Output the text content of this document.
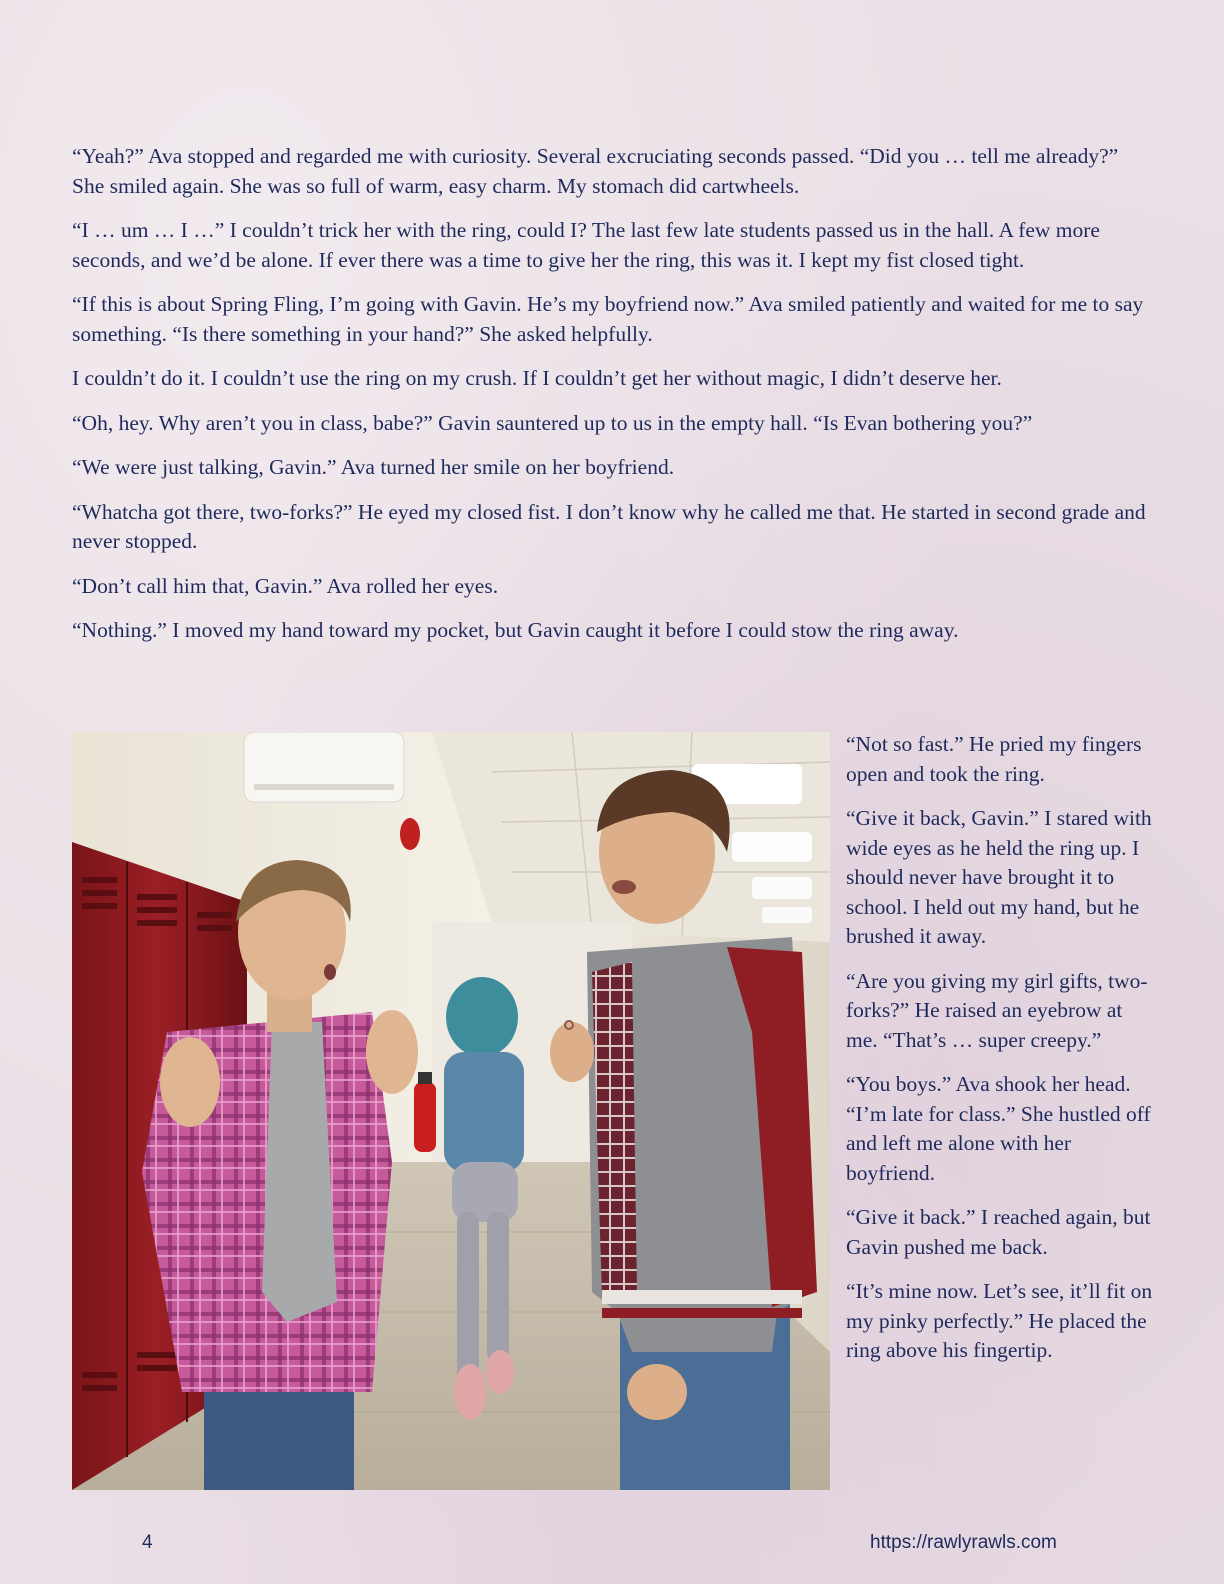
“Yeah?” Ava stopped and regarded me with curiosity. Several excruciating seconds passed. “Did you … tell me already?” She smiled again. She was so full of warm, easy charm. My stomach did cartwheels.

“I … um … I …” I couldn’t trick her with the ring, could I? The last few late students passed us in the hall. A few more seconds, and we’d be alone. If ever there was a time to give her the ring, this was it. I kept my fist closed tight.

“If this is about Spring Fling, I’m going with Gavin. He’s my boyfriend now.” Ava smiled patiently and waited for me to say something. “Is there something in your hand?” She asked helpfully.

I couldn’t do it. I couldn’t use the ring on my crush. If I couldn’t get her without magic, I didn’t deserve her.

“Oh, hey. Why aren’t you in class, babe?” Gavin sauntered up to us in the empty hall. “Is Evan bothering you?”

“We were just talking, Gavin.” Ava turned her smile on her boyfriend.

“Whatcha got there, two-forks?” He eyed my closed fist. I don’t know why he called me that. He started in second grade and never stopped.

“Don’t call him that, Gavin.” Ava rolled her eyes.

“Nothing.” I moved my hand toward my pocket, but Gavin caught it before I could stow the ring away.

“Not so fast.” He pried my fingers open and took the ring.

“Give it back, Gavin.” I stared with wide eyes as he held the ring up. I should never have brought it to school. I held out my hand, but he brushed it away.

“Are you giving my girl gifts, two-forks?” He raised an eyebrow at me. “That’s … super creepy.”

“You boys.” Ava shook her head. “I’m late for class.” She hustled off and left me alone with her boyfriend.

“Give it back.” I reached again, but Gavin pushed me back.

“It’s mine now. Let’s see, it’ll fit on my pinky perfectly.” He placed the ring above his fingertip.

4	https://rawlyrawls.com
